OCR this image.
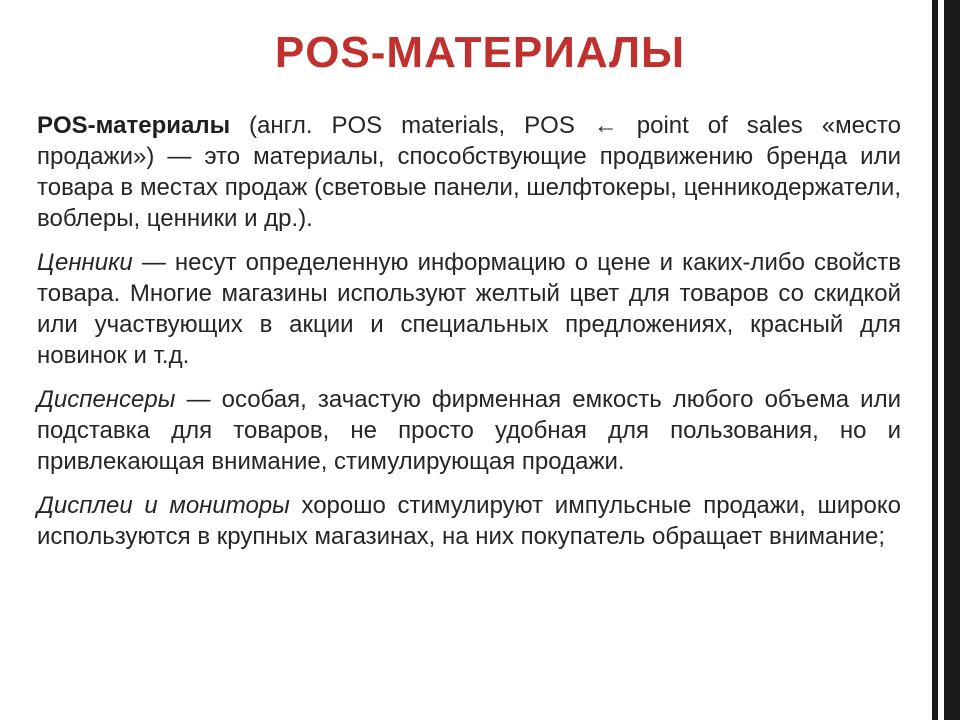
POS-МАТЕРИАЛЫ

POS-материалы (англ. POS materials, POS ← point of sales «место продажи») — это материалы, способствующие продвижению бренда или товара в местах продаж (световые панели, шелфтокеры, ценникодержатели, воблеры, ценники и др.).

Ценники — несут определенную информацию о цене и каких-либо свойств товара. Многие магазины используют желтый цвет для товаров со скидкой или участвующих в акции и специальных предложениях, красный для новинок и т.д.

Диспенсеры — особая, зачастую фирменная емкость любого объема или подставка для товаров, не просто удобная для пользования, но и привлекающая внимание, стимулирующая продажи.

Дисплеи и мониторы хорошо стимулируют импульсные продажи, широко используются в крупных магазинах, на них покупатель обращает внимание;
